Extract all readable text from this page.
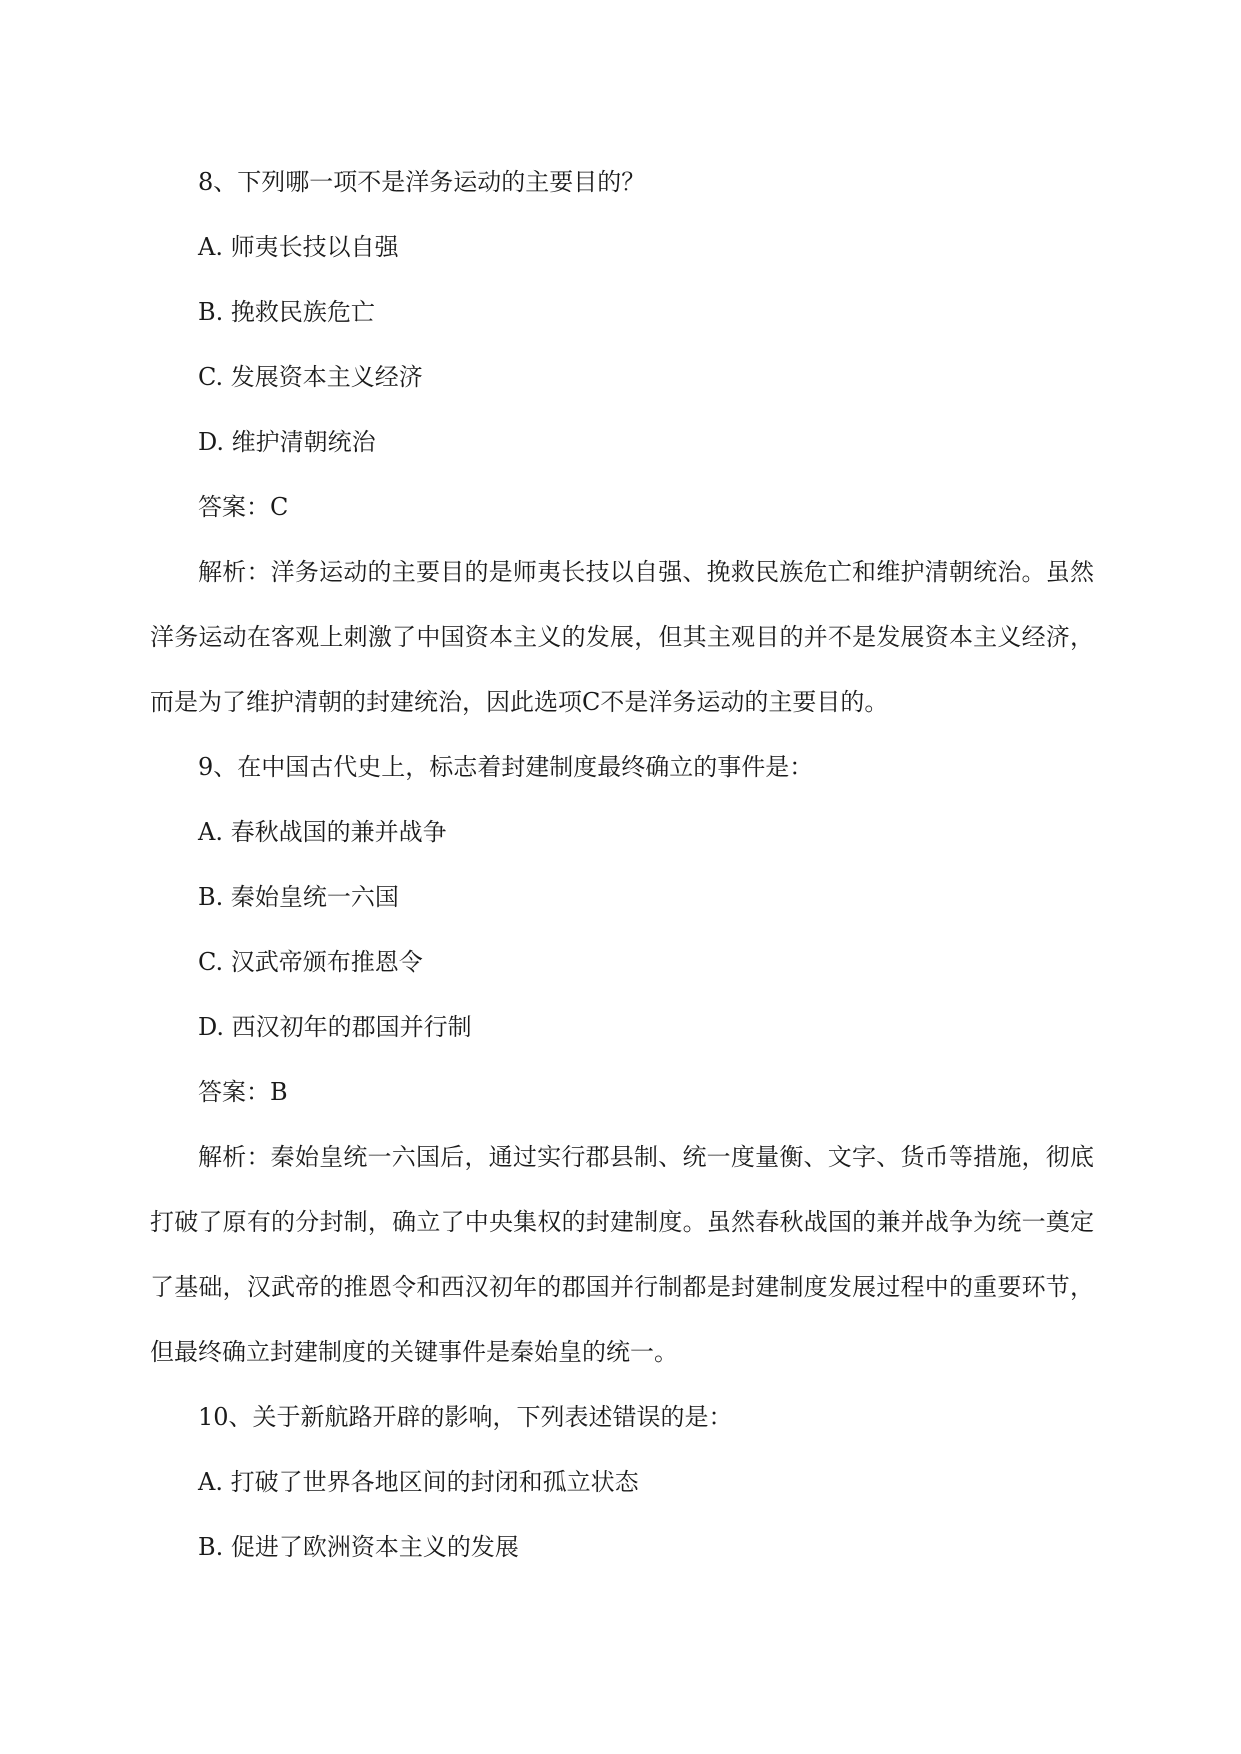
8、下列哪一项不是洋务运动的主要目的？

A. 师夷长技以自强

B. 挽救民族危亡

C. 发展资本主义经济

D. 维护清朝统治

答案：C

解析：洋务运动的主要目的是师夷长技以自强、挽救民族危亡和维护清朝统治。虽然洋务运动在客观上刺激了中国资本主义的发展，但其主观目的并不是发展资本主义经济，而是为了维护清朝的封建统治，因此选项C不是洋务运动的主要目的。

9、在中国古代史上，标志着封建制度最终确立的事件是：

A. 春秋战国的兼并战争

B. 秦始皇统一六国

C. 汉武帝颁布推恩令

D. 西汉初年的郡国并行制

答案：B

解析：秦始皇统一六国后，通过实行郡县制、统一度量衡、文字、货币等措施，彻底打破了原有的分封制，确立了中央集权的封建制度。虽然春秋战国的兼并战争为统一奠定了基础，汉武帝的推恩令和西汉初年的郡国并行制都是封建制度发展过程中的重要环节，但最终确立封建制度的关键事件是秦始皇的统一。

10、关于新航路开辟的影响，下列表述错误的是：

A. 打破了世界各地区间的封闭和孤立状态

B. 促进了欧洲资本主义的发展
